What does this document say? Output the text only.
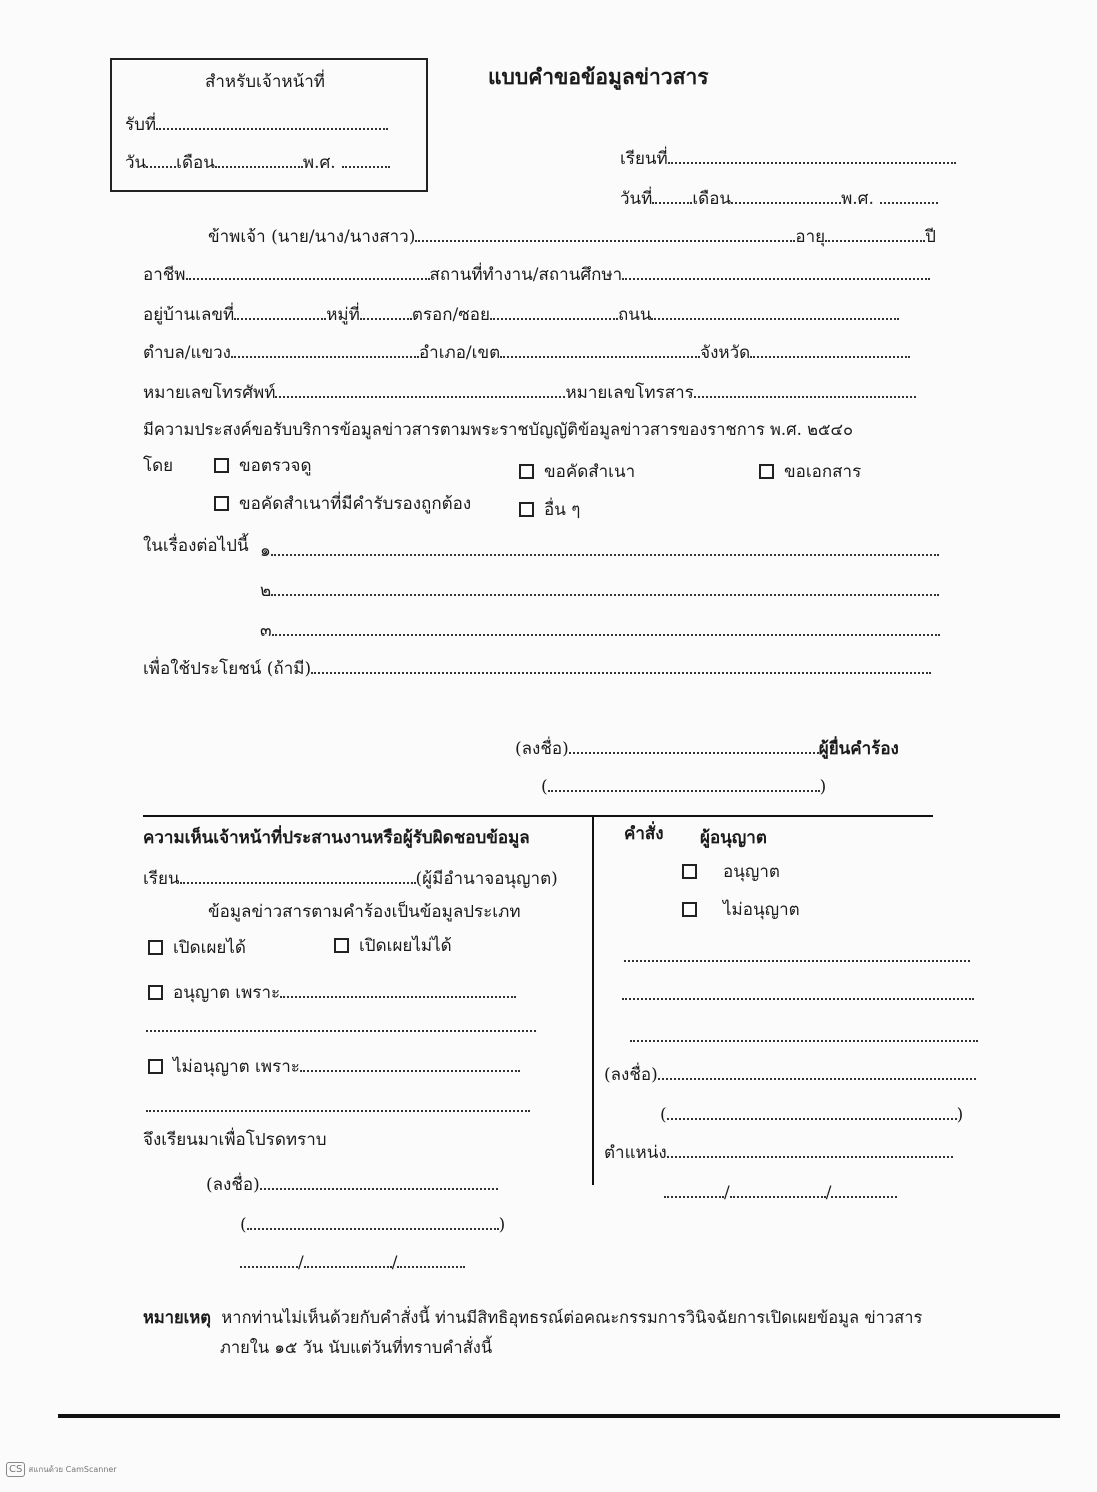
สำหรับเจ้าหน้าที่
รับที่
วัน เดือน	พ.ศ.
แบบคำขอข้อมูลข่าวสาร
เรียนที่
วันที่ เดือน	พ.ศ.
ข้าพเจ้า (นาย/นาง/นางสาว)	อายุ	ปี
อาชีพ	สถานที่ทำงาน/สถานศึกษา
อยู่บ้านเลขที่	หมู่ที่	ตรอก/ซอย	ถนน
ตำบล/แขวง	อำเภอ/เขต	จังหวัด
หมายเลขโทรศัพท์	หมายเลขโทรสาร
มีความประสงค์ขอรับบริการข้อมูลข่าวสารตามพระราชบัญญัติข้อมูลข่าวสารของราชการ พ.ศ. ๒๕๔๐
โดย	ขอตรวจดู	ขอคัดสำเนา	ขอเอกสาร
ขอคัดสำเนาที่มีคำรับรองถูกต้อง	อื่น ๆ
ในเรื่องต่อไปนี้ ๑
๒
๓
เพื่อใช้ประโยชน์ (ถ้ามี)
(ลงชื่อ)	ผู้ยื่นคำร้อง
(	)
ความเห็นเจ้าหน้าที่ประสานงานหรือผู้รับผิดชอบข้อมูล
เรียน	(ผู้มีอำนาจอนุญาต)
ข้อมูลข่าวสารตามคำร้องเป็นข้อมูลประเภท
เปิดเผยได้	เปิดเผยไม่ได้
อนุญาต เพราะ
ไม่อนุญาต เพราะ
จึงเรียนมาเพื่อโปรดทราบ
(ลงชื่อ)
(	)
/	/
คำสั่ง ผู้อนุญาต
อนุญาต
ไม่อนุญาต
(ลงชื่อ)
(	)
ตำแหน่ง
/	/
หมายเหตุ หากท่านไม่เห็นด้วยกับคำสั่งนี้ ท่านมีสิทธิอุทธรณ์ต่อคณะกรรมการวินิจฉัยการเปิดเผยข้อมูล ข่าวสาร
ภายใน ๑๕ วัน นับแต่วันที่ทราบคำสั่งนี้
CS สแกนด้วย CamScanner
